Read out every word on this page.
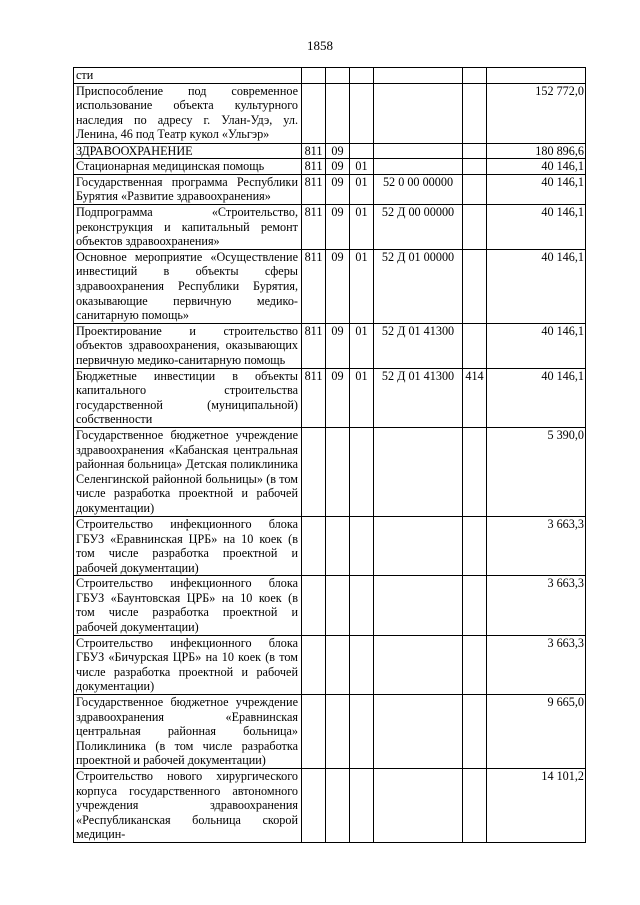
1858
сти						
Приспособление под современное использование объекта культурного наследия по адресу г. Улан-Удэ, ул. Ленина, 46 под Театр кукол «Ульгэр»						152 772,0
ЗДРАВООХРАНЕНИЕ	811	09				180 896,6
Стационарная медицинская помощь	811	09	01			40 146,1
Государственная программа Республики Бурятия «Развитие здравоохранения»	811	09	01	52 0 00 00000		40 146,1
Подпрограмма «Строительство, реконструкция и капитальный ремонт объектов здравоохранения»	811	09	01	52 Д 00 00000		40 146,1
Основное мероприятие «Осуществление инвестиций в объекты сферы здравоохранения Республики Бурятия, оказывающие первичную медико-санитарную помощь»	811	09	01	52 Д 01 00000		40 146,1
Проектирование и строительство объектов здравоохранения, оказывающих первичную медико-санитарную помощь	811	09	01	52 Д 01 41300		40 146,1
Бюджетные инвестиции в объекты капитального строительства государственной (муниципальной) собственности	811	09	01	52 Д 01 41300	414	40 146,1
Государственное бюджетное учреждение здравоохранения «Кабанская центральная районная больница» Детская поликлиника Селенгинской районной больницы» (в том числе разработка проектной и рабочей документации)						5 390,0
Строительство инфекционного блока ГБУЗ «Еравнинская ЦРБ» на 10 коек (в том числе разработка проектной и рабочей документации)						3 663,3
Строительство инфекционного блока ГБУЗ «Баунтовская ЦРБ» на 10 коек (в том числе разработка проектной и рабочей документации)						3 663,3
Строительство инфекционного блока ГБУЗ «Бичурская ЦРБ» на 10 коек (в том числе разработка проектной и рабочей документации)						3 663,3
Государственное бюджетное учреждение здравоохранения «Еравнинская центральная районная больница» Поликлиника (в том числе разработка проектной и рабочей документации)						9 665,0
Строительство нового хирургического корпуса государственного автономного учреждения здравоохранения «Республиканская больница скорой медицин-						14 101,2
